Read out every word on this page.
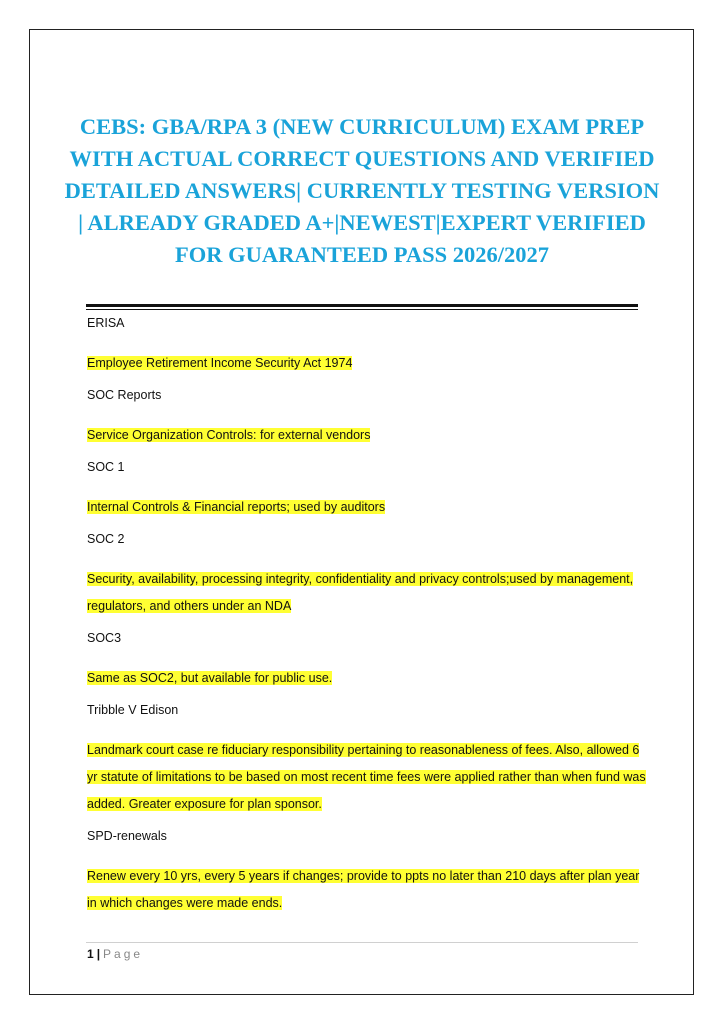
CEBS: GBA/RPA 3 (NEW CURRICULUM) EXAM PREP WITH ACTUAL CORRECT QUESTIONS AND VERIFIED DETAILED ANSWERS| CURRENTLY TESTING VERSION | ALREADY GRADED A+|NEWEST|EXPERT VERIFIED FOR GUARANTEED PASS 2026/2027

ERISA

Employee Retirement Income Security Act 1974

SOC Reports

Service Organization Controls: for external vendors

SOC 1

Internal Controls & Financial reports; used by auditors

SOC 2

Security, availability, processing integrity, confidentiality and privacy controls;used by management, regulators, and others under an NDA

SOC3

Same as SOC2, but available for public use.

Tribble V Edison

Landmark court case re fiduciary responsibility pertaining to reasonableness of fees. Also, allowed 6 yr statute of limitations to be based on most recent time fees were applied rather than when fund was added. Greater exposure for plan sponsor.

SPD-renewals

Renew every 10 yrs, every 5 years if changes; provide to ppts no later than 210 days after plan year in which changes were made ends.

1 | Page
